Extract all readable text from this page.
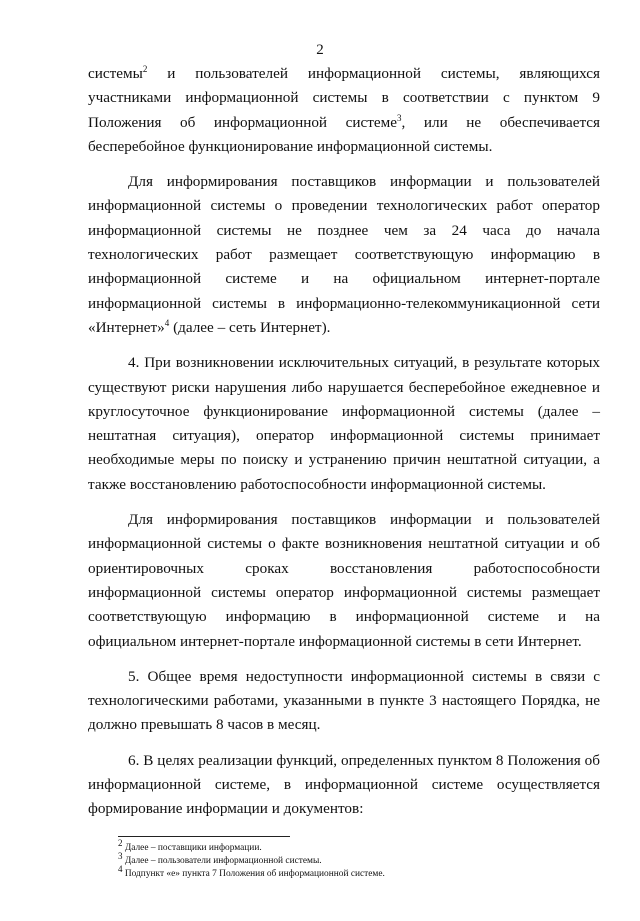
2

системы$^2$ и пользователей информационной системы, являющихся участниками информационной системы в соответствии с пунктом 9 Положения об информационной системе$^3$, или не обеспечивается бесперебойное функционирование информационной системы.

Для информирования поставщиков информации и пользователей информационной системы о проведении технологических работ оператор информационной системы не позднее чем за 24 часа до начала технологических работ размещает соответствующую информацию в информационной системе и на официальном интернет-портале информационной системы в информационно-телекоммуникационной сети «Интернет»$^4$ (далее – сеть Интернет).

4. При возникновении исключительных ситуаций, в результате которых существуют риски нарушения либо нарушается бесперебойное ежедневное и круглосуточное функционирование информационной системы (далее – нештатная ситуация), оператор информационной системы принимает необходимые меры по поиску и устранению причин нештатной ситуации, а также восстановлению работоспособности информационной системы.

Для информирования поставщиков информации и пользователей информационной системы о факте возникновения нештатной ситуации и об ориентировочных сроках восстановления работоспособности информационной системы оператор информационной системы размещает соответствующую информацию в информационной системе и на официальном интернет-портале информационной системы в сети Интернет.

5. Общее время недоступности информационной системы в связи с технологическими работами, указанными в пункте 3 настоящего Порядка, не должно превышать 8 часов в месяц.

6. В целях реализации функций, определенных пунктом 8 Положения об информационной системе, в информационной системе осуществляется формирование информации и документов:

$^2$ Далее – поставщики информации.

$^3$ Далее – пользователи информационной системы.

$^4$ Подпункт «е» пункта 7 Положения об информационной системе.
